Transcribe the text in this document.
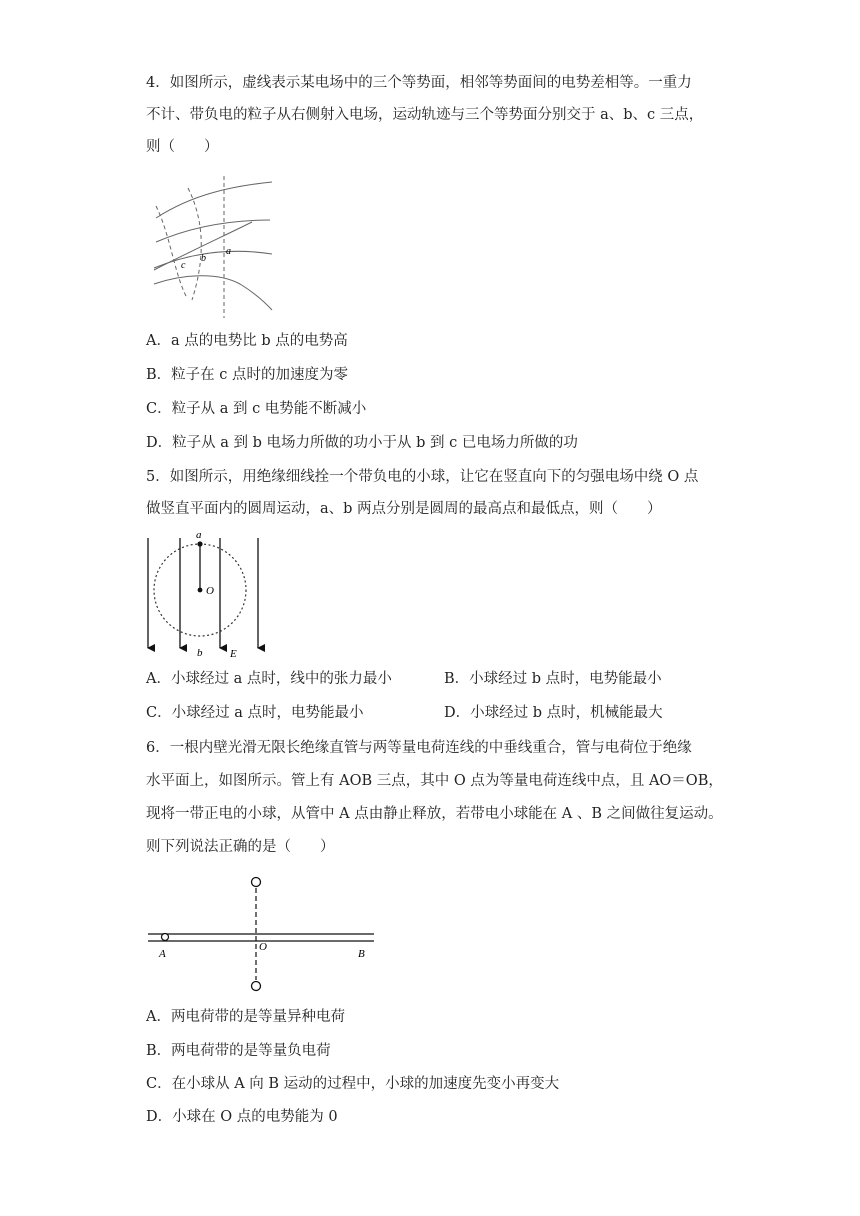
4．如图所示，虚线表示某电场中的三个等势面，相邻等势面间的电势差相等。一重力
不计、带负电的粒子从右侧射入电场，运动轨迹与三个等势面分别交于 a、b、c 三点，
则（　　）
a
b
c
A．a 点的电势比 b 点的电势高
B．粒子在 c 点时的加速度为零
C．粒子从 a 到 c 电势能不断减小
D．粒子从 a 到 b 电场力所做的功小于从 b 到 c 已电场力所做的功
5．如图所示，用绝缘细线拴一个带负电的小球，让它在竖直向下的匀强电场中绕 O 点
做竖直平面内的圆周运动，a、b 两点分别是圆周的最高点和最低点，则（　　）
a
O
b	E
A．小球经过 a 点时，线中的张力最小	B．小球经过 b 点时，电势能最小
C．小球经过 a 点时，电势能最小	D．小球经过 b 点时，机械能最大
6．一根内壁光滑无限长绝缘直管与两等量电荷连线的中垂线重合，管与电荷位于绝缘
水平面上，如图所示。管上有 AOB 三点，其中 O 点为等量电荷连线中点，且 AO＝OB，
现将一带正电的小球，从管中 A 点由静止释放，若带电小球能在 A 、B 之间做往复运动。
则下列说法正确的是（　　）
A
O
B
A．两电荷带的是等量异种电荷
B．两电荷带的是等量负电荷
C．在小球从 A 向 B 运动的过程中，小球的加速度先变小再变大
D．小球在 O 点的电势能为 0
